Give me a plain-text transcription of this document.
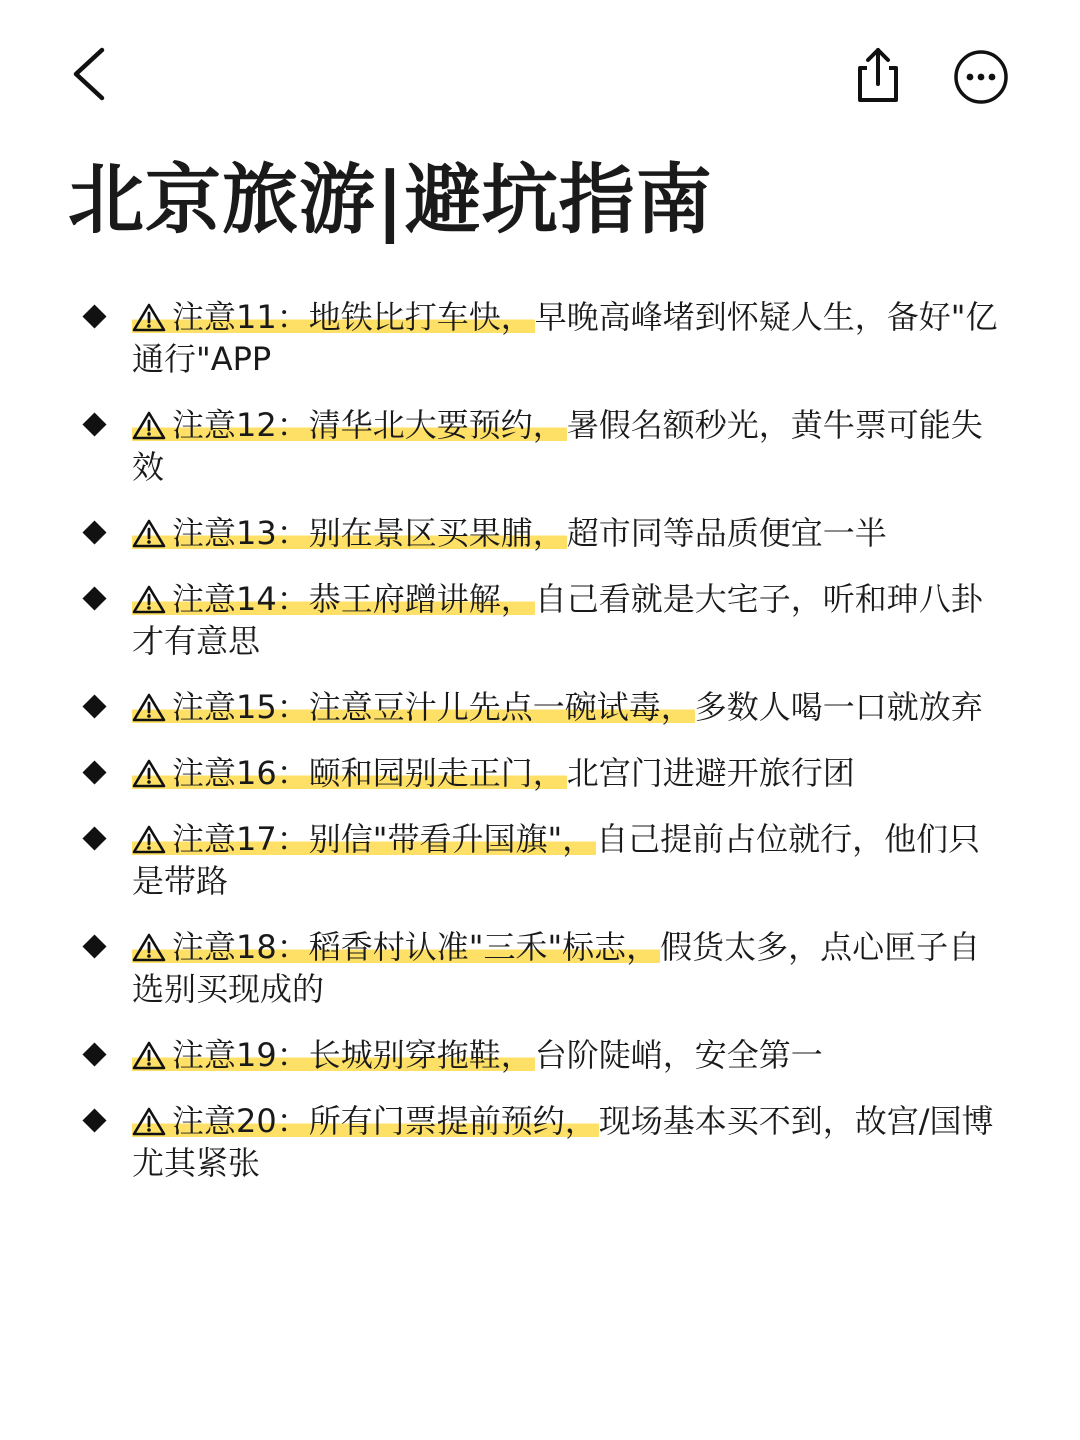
北京旅游|避坑指南
注意11：地铁比打车快，早晚高峰堵到怀疑人生，备好"亿通行"APP
注意12：清华北大要预约，暑假名额秒光，黄牛票可能失效
注意13：别在景区买果脯，超市同等品质便宜一半
注意14：恭王府蹭讲解，自己看就是大宅子，听和珅八卦才有意思
注意15：注意豆汁儿先点一碗试毒，多数人喝一口就放弃
注意16：颐和园别走正门，北宫门进避开旅行团
注意17：别信"带看升国旗"，自己提前占位就行，他们只是带路
注意18：稻香村认准"三禾"标志，假货太多，点心匣子自选别买现成的
注意19：长城别穿拖鞋，台阶陡峭，安全第一
注意20：所有门票提前预约，现场基本买不到，故宫/国博尤其紧张
